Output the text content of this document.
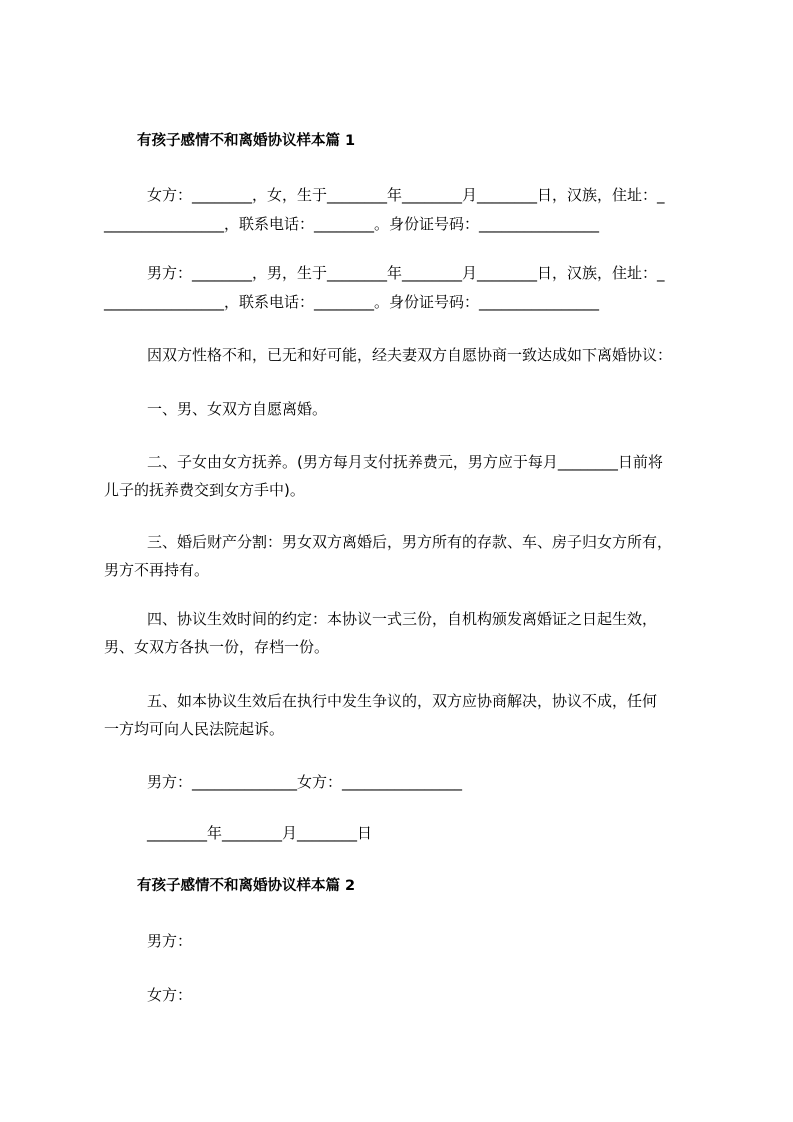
有孩子感情不和离婚协议样本篇 1
女方：________，女，生于________年________月________日，汉族，住址：_
________________，联系电话：________。身份证号码：________________
男方：________，男，生于________年________月________日，汉族，住址：_
________________，联系电话：________。身份证号码：________________
因双方性格不和，已无和好可能，经夫妻双方自愿协商一致达成如下离婚协议：
一、男、女双方自愿离婚。
二、子女由女方抚养。(男方每月支付抚养费元，男方应于每月________日前将
儿子的抚养费交到女方手中)。
三、婚后财产分割：男女双方离婚后，男方所有的存款、车、房子归女方所有，
男方不再持有。
四、协议生效时间的约定：本协议一式三份，自机构颁发离婚证之日起生效，
男、女双方各执一份，存档一份。
五、如本协议生效后在执行中发生争议的，双方应协商解决，协议不成，任何
一方均可向人民法院起诉。
男方：______________女方：________________
________年________月________日
有孩子感情不和离婚协议样本篇 2
男方：
女方：
